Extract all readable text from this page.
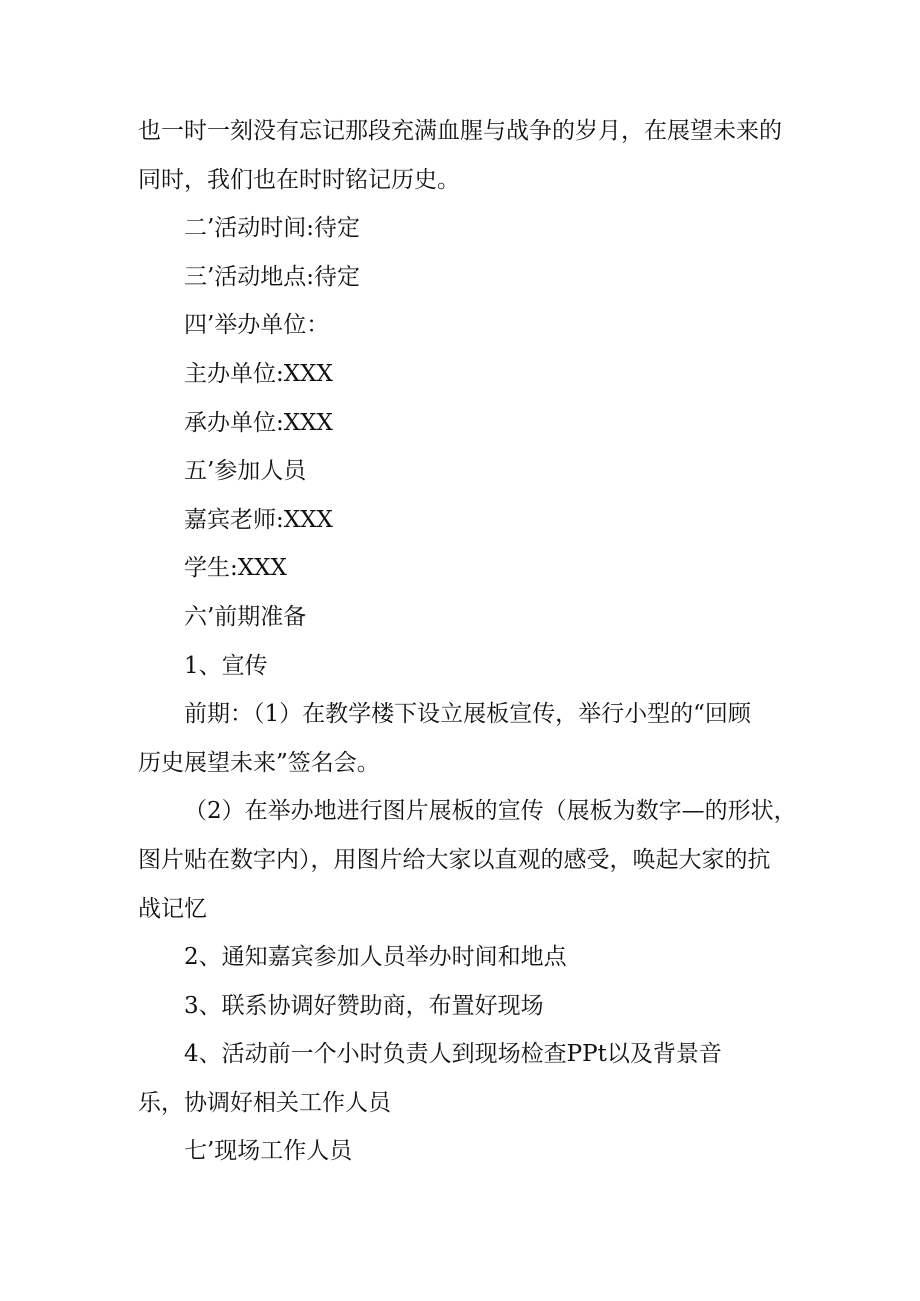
也一时一刻没有忘记那段充满血腥与战争的岁月，在展望未来的
同时，我们也在时时铭记历史。

二’活动时间:待定

三’活动地点:待定

四’举办单位：

主办单位:XXX

承办单位:XXX

五’参加人员

嘉宾老师:XXX

学生:XXX

六’前期准备

1、宣传

前期：（1）在教学楼下设立展板宣传，举行小型的“回顾
历史展望未来”签名会。

（2）在举办地进行图片展板的宣传（展板为数字—的形状，
图片贴在数字内），用图片给大家以直观的感受，唤起大家的抗
战记忆

2、通知嘉宾参加人员举办时间和地点

3、联系协调好赞助商，布置好现场

4、活动前一个小时负责人到现场检查PPt以及背景音
乐，协调好相关工作人员

七’现场工作人员
